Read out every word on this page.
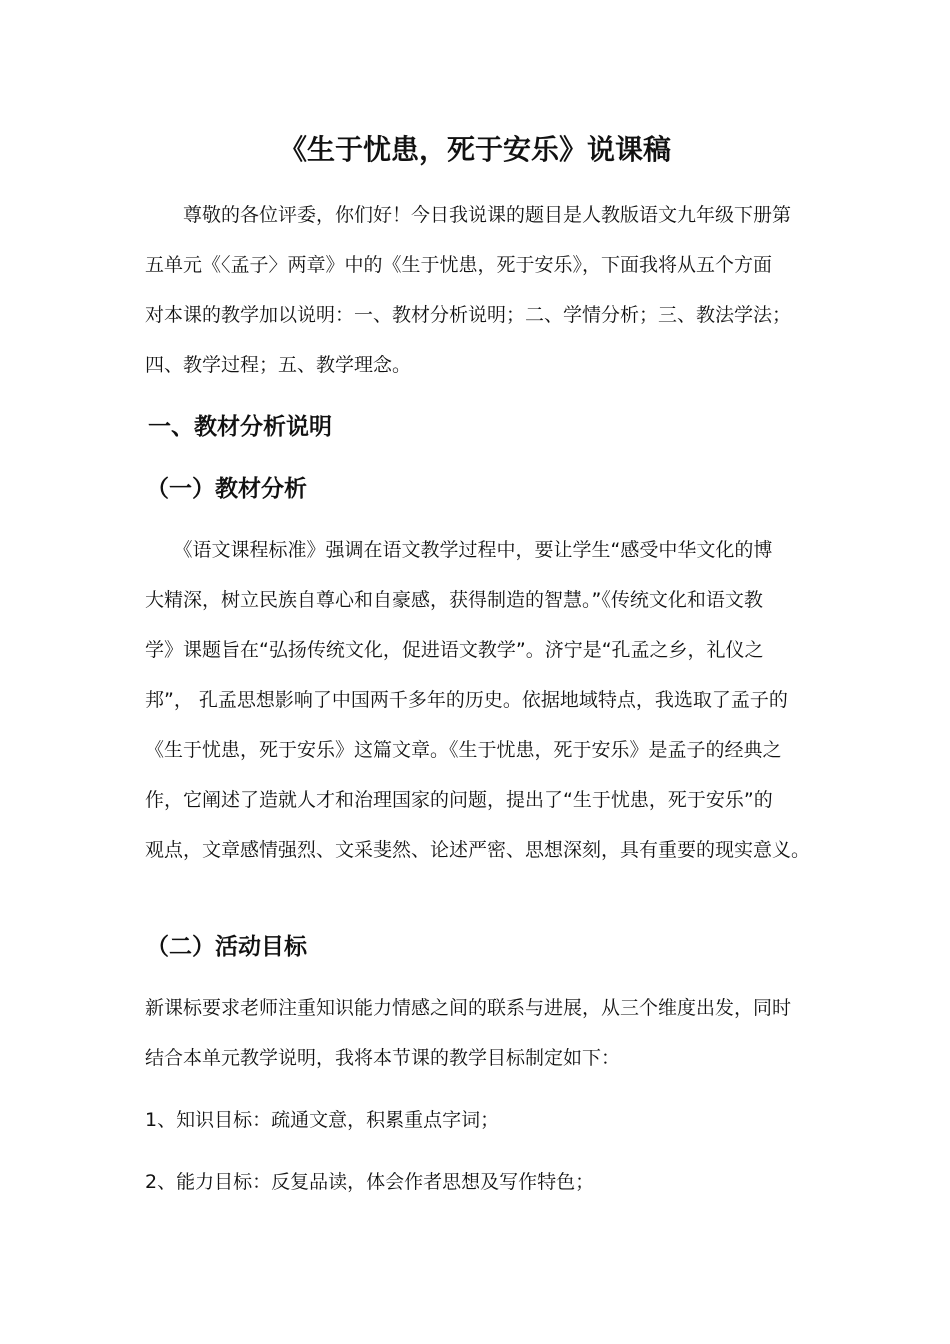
《生于忧患，死于安乐》说课稿
　　尊敬的各位评委，你们好！今日我说课的题目是人教版语文九年级下册第
五单元《〈孟子〉两章》中的《生于忧患，死于安乐》，下面我将从五个方面
对本课的教学加以说明：一、教材分析说明；二、学情分析；三、教法学法；
四、教学过程；五、教学理念。
一、教材分析说明
（一）教材分析
　　《语文课程标准》强调在语文教学过程中，要让学生“感受中华文化的博
大精深，树立民族自尊心和自豪感，获得制造的智慧。”《传统文化和语文教
学》课题旨在“弘扬传统文化，促进语文教学”。济宁是“孔孟之乡，礼仪之
邦”， 孔孟思想影响了中国两千多年的历史。依据地域特点，我选取了孟子的
《生于忧患，死于安乐》这篇文章。《生于忧患，死于安乐》是孟子的经典之
作，它阐述了造就人才和治理国家的问题，提出了“生于忧患，死于安乐”的
观点，文章感情强烈、文采斐然、论述严密、思想深刻，具有重要的现实意义。
（二）活动目标
新课标要求老师注重知识能力情感之间的联系与进展，从三个维度出发，同时
结合本单元教学说明，我将本节课的教学目标制定如下：
1、知识目标：疏通文意，积累重点字词；
2、能力目标：反复品读，体会作者思想及写作特色；
